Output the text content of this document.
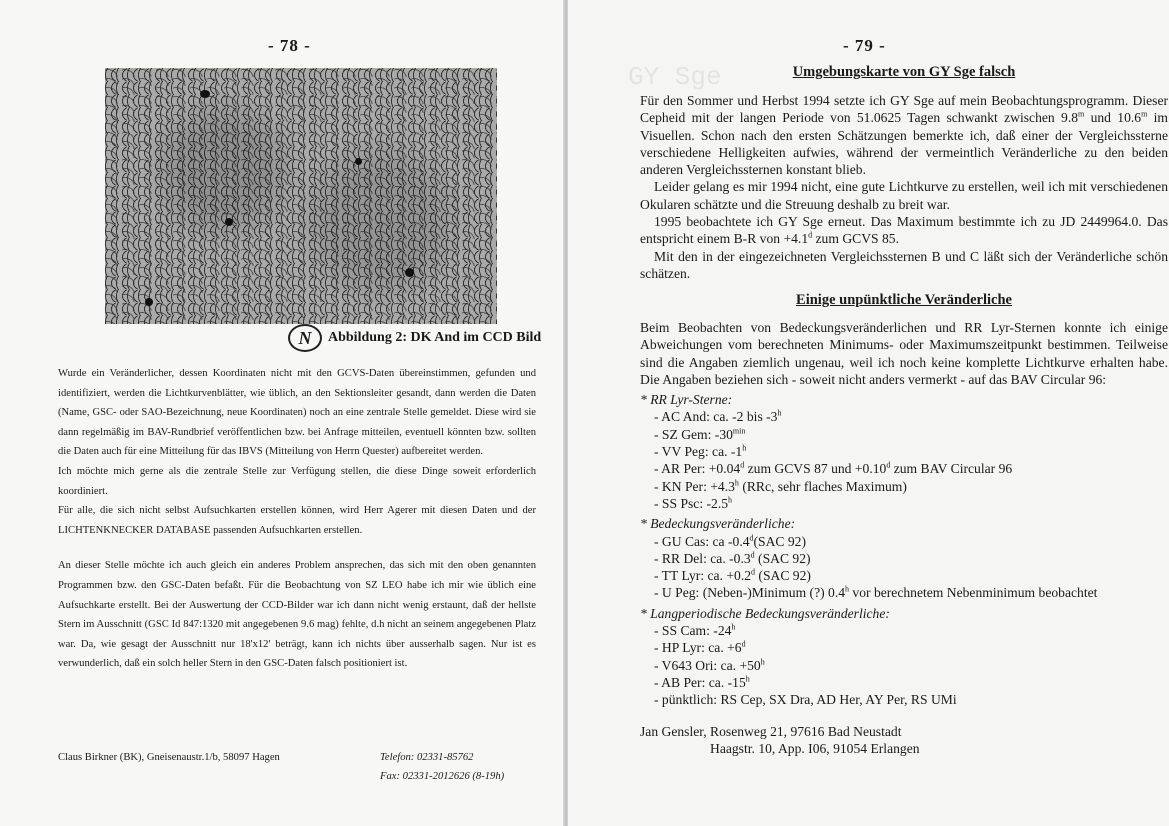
- 78 -
N	Abbildung 2: DK And im CCD Bild

Wurde ein Veränderlicher, dessen Koordinaten nicht mit den GCVS-Daten übereinstimmen, gefunden und identifiziert, werden die Lichtkurvenblätter, wie üblich, an den Sektionsleiter gesandt, dann werden die Daten (Name, GSC- oder SAO-Bezeichnung, neue Koordinaten) noch an eine zentrale Stelle gemeldet. Diese wird sie dann regelmäßig im BAV-Rundbrief veröffentlichen bzw. bei Anfrage mitteilen, eventuell könnten bzw. sollten die Daten auch für eine Mitteilung für das IBVS (Mitteilung von Herrn Quester) aufbereitet werden.

Ich möchte mich gerne als die zentrale Stelle zur Verfügung stellen, die diese Dinge soweit erforderlich koordiniert.

Für alle, die sich nicht selbst Aufsuchkarten erstellen können, wird Herr Agerer mit diesen Daten und der LICHTENKNECKER DATABASE passenden Aufsuchkarten erstellen.

An dieser Stelle möchte ich auch gleich ein anderes Problem ansprechen, das sich mit den oben genannten Programmen bzw. den GSC-Daten befaßt. Für die Beobachtung von SZ LEO habe ich mir wie üblich eine Aufsuchkarte erstellt. Bei der Auswertung der CCD-Bilder war ich dann nicht wenig erstaunt, daß der hellste Stern im Ausschnitt (GSC Id 847:1320 mit angegebenen 9.6 mag) fehlte, d.h nicht an seinem angegebenen Platz war. Da, wie gesagt der Ausschnitt nur 18'x12' beträgt, kann ich nichts über ausserhalb sagen. Nur ist es verwunderlich, daß ein solch heller Stern in den GSC-Daten falsch positioniert ist.

Claus Birkner (BK), Gneisenaustr.1/b, 58097 Hagen	Telefon: 02331-85762
Fax: 02331-2012626 (8-19h)
GY Sge
- 79 -
Umgebungskarte von GY Sge falsch

Für den Sommer und Herbst 1994 setzte ich GY Sge auf mein Beobachtungsprogramm. Dieser Cepheid mit der langen Periode von 51.0625 Tagen schwankt zwischen 9.8$^m$ und 10.6$^m$ im Visuellen. Schon nach den ersten Schätzungen bemerkte ich, daß einer der Vergleichssterne verschiedene Helligkeiten aufwies, während der vermeintlich Veränderliche zu den beiden anderen Vergleichssternen konstant blieb.

Leider gelang es mir 1994 nicht, eine gute Lichtkurve zu erstellen, weil ich mit verschiedenen Okularen schätzte und die Streuung deshalb zu breit war.

1995 beobachtete ich GY Sge erneut. Das Maximum bestimmte ich zu JD 2449964.0. Das entspricht einem B-R von +4.1$^d$ zum GCVS 85.

Mit den in der eingezeichneten Vergleichssternen B und C läßt sich der Veränderliche schön schätzen.

Einige unpünktliche Veränderliche

Beim Beobachten von Bedeckungsveränderlichen und RR Lyr-Sternen konnte ich einige Abweichungen vom berechneten Minimums- oder Maximumszeitpunkt bestimmen. Teilweise sind die Angaben ziemlich ungenau, weil ich noch keine komplette Lichtkurve erhalten habe. Die Angaben beziehen sich - soweit nicht anders vermerkt - auf das BAV Circular 96:

* RR Lyr-Sterne:
- AC And: ca. -2 bis -3$^h$
- SZ Gem: $-30^{min}$
- VV Peg: ca. -1$^h$
- AR Per: +0.04$^d$ zum GCVS 87 und +0.10$^d$ zum BAV Circular 96
- KN Per: +4.3$^h$ (RRc, sehr flaches Maximum)
- SS Psc: -2.5$^h$
* Bedeckungsveränderliche:
- GU Cas: ca -0.4$^d$(SAC 92)
- RR Del: ca. -0.3$^d$ (SAC 92)
- TT Lyr: ca. +0.2$^d$ (SAC 92)
- U Peg: (Neben-)Minimum (?) 0.4$^h$ vor berechnetem Nebenminimum beobachtet
* Langperiodische Bedeckungsveränderliche:
- SS Cam: -24$^h$
- HP Lyr: ca. $+6^d$
- V643 Ori: ca. $+50^h$
- AB Per: ca. -15$^h$
- pünktlich: RS Cep, SX Dra, AD Her, AY Per, RS UMi
Jan Gensler, Rosenweg 21, 97616 Bad Neustadt
Haagstr. 10, App. I06, 91054 Erlangen
